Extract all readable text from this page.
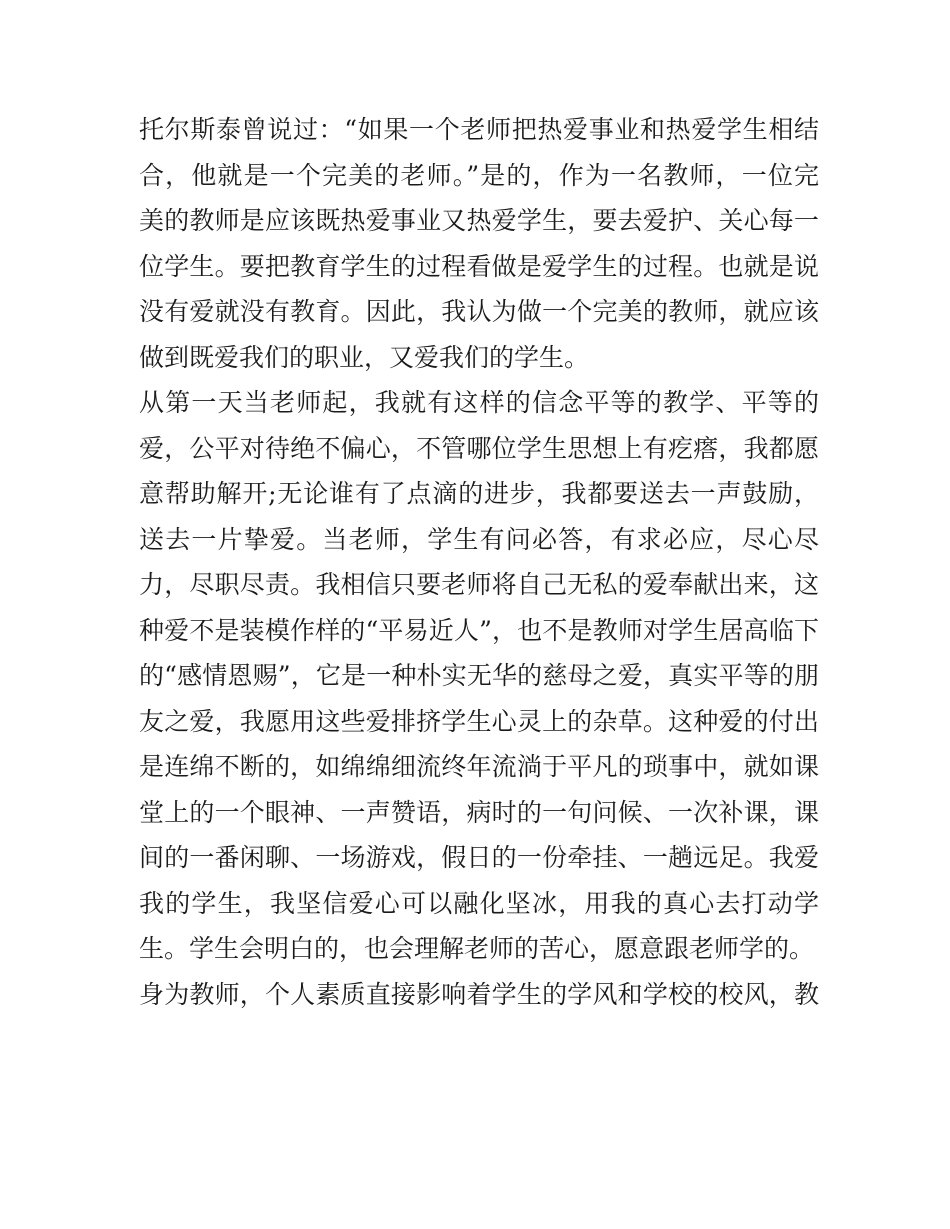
托尔斯泰曾说过：“如果一个老师把热爱事业和热爱学生相结
合，他就是一个完美的老师。”是的，作为一名教师，一位完
美的教师是应该既热爱事业又热爱学生，要去爱护、关心每一
位学生。要把教育学生的过程看做是爱学生的过程。也就是说
没有爱就没有教育。因此，我认为做一个完美的教师，就应该
做到既爱我们的职业，又爱我们的学生。
从第一天当老师起，我就有这样的信念平等的教学、平等的
爱，公平对待绝不偏心，不管哪位学生思想上有疙瘩，我都愿
意帮助解开;无论谁有了点滴的进步，我都要送去一声鼓励，
送去一片挚爱。当老师，学生有问必答，有求必应，尽心尽
力，尽职尽责。我相信只要老师将自己无私的爱奉献出来，这
种爱不是装模作样的“平易近人”，也不是教师对学生居高临下
的“感情恩赐”，它是一种朴实无华的慈母之爱，真实平等的朋
友之爱，我愿用这些爱排挤学生心灵上的杂草。这种爱的付出
是连绵不断的，如绵绵细流终年流淌于平凡的琐事中，就如课
堂上的一个眼神、一声赞语，病时的一句问候、一次补课，课
间的一番闲聊、一场游戏，假日的一份牵挂、一趟远足。我爱
我的学生，我坚信爱心可以融化坚冰，用我的真心去打动学
生。学生会明白的，也会理解老师的苦心，愿意跟老师学的。
身为教师，个人素质直接影响着学生的学风和学校的校风，教
